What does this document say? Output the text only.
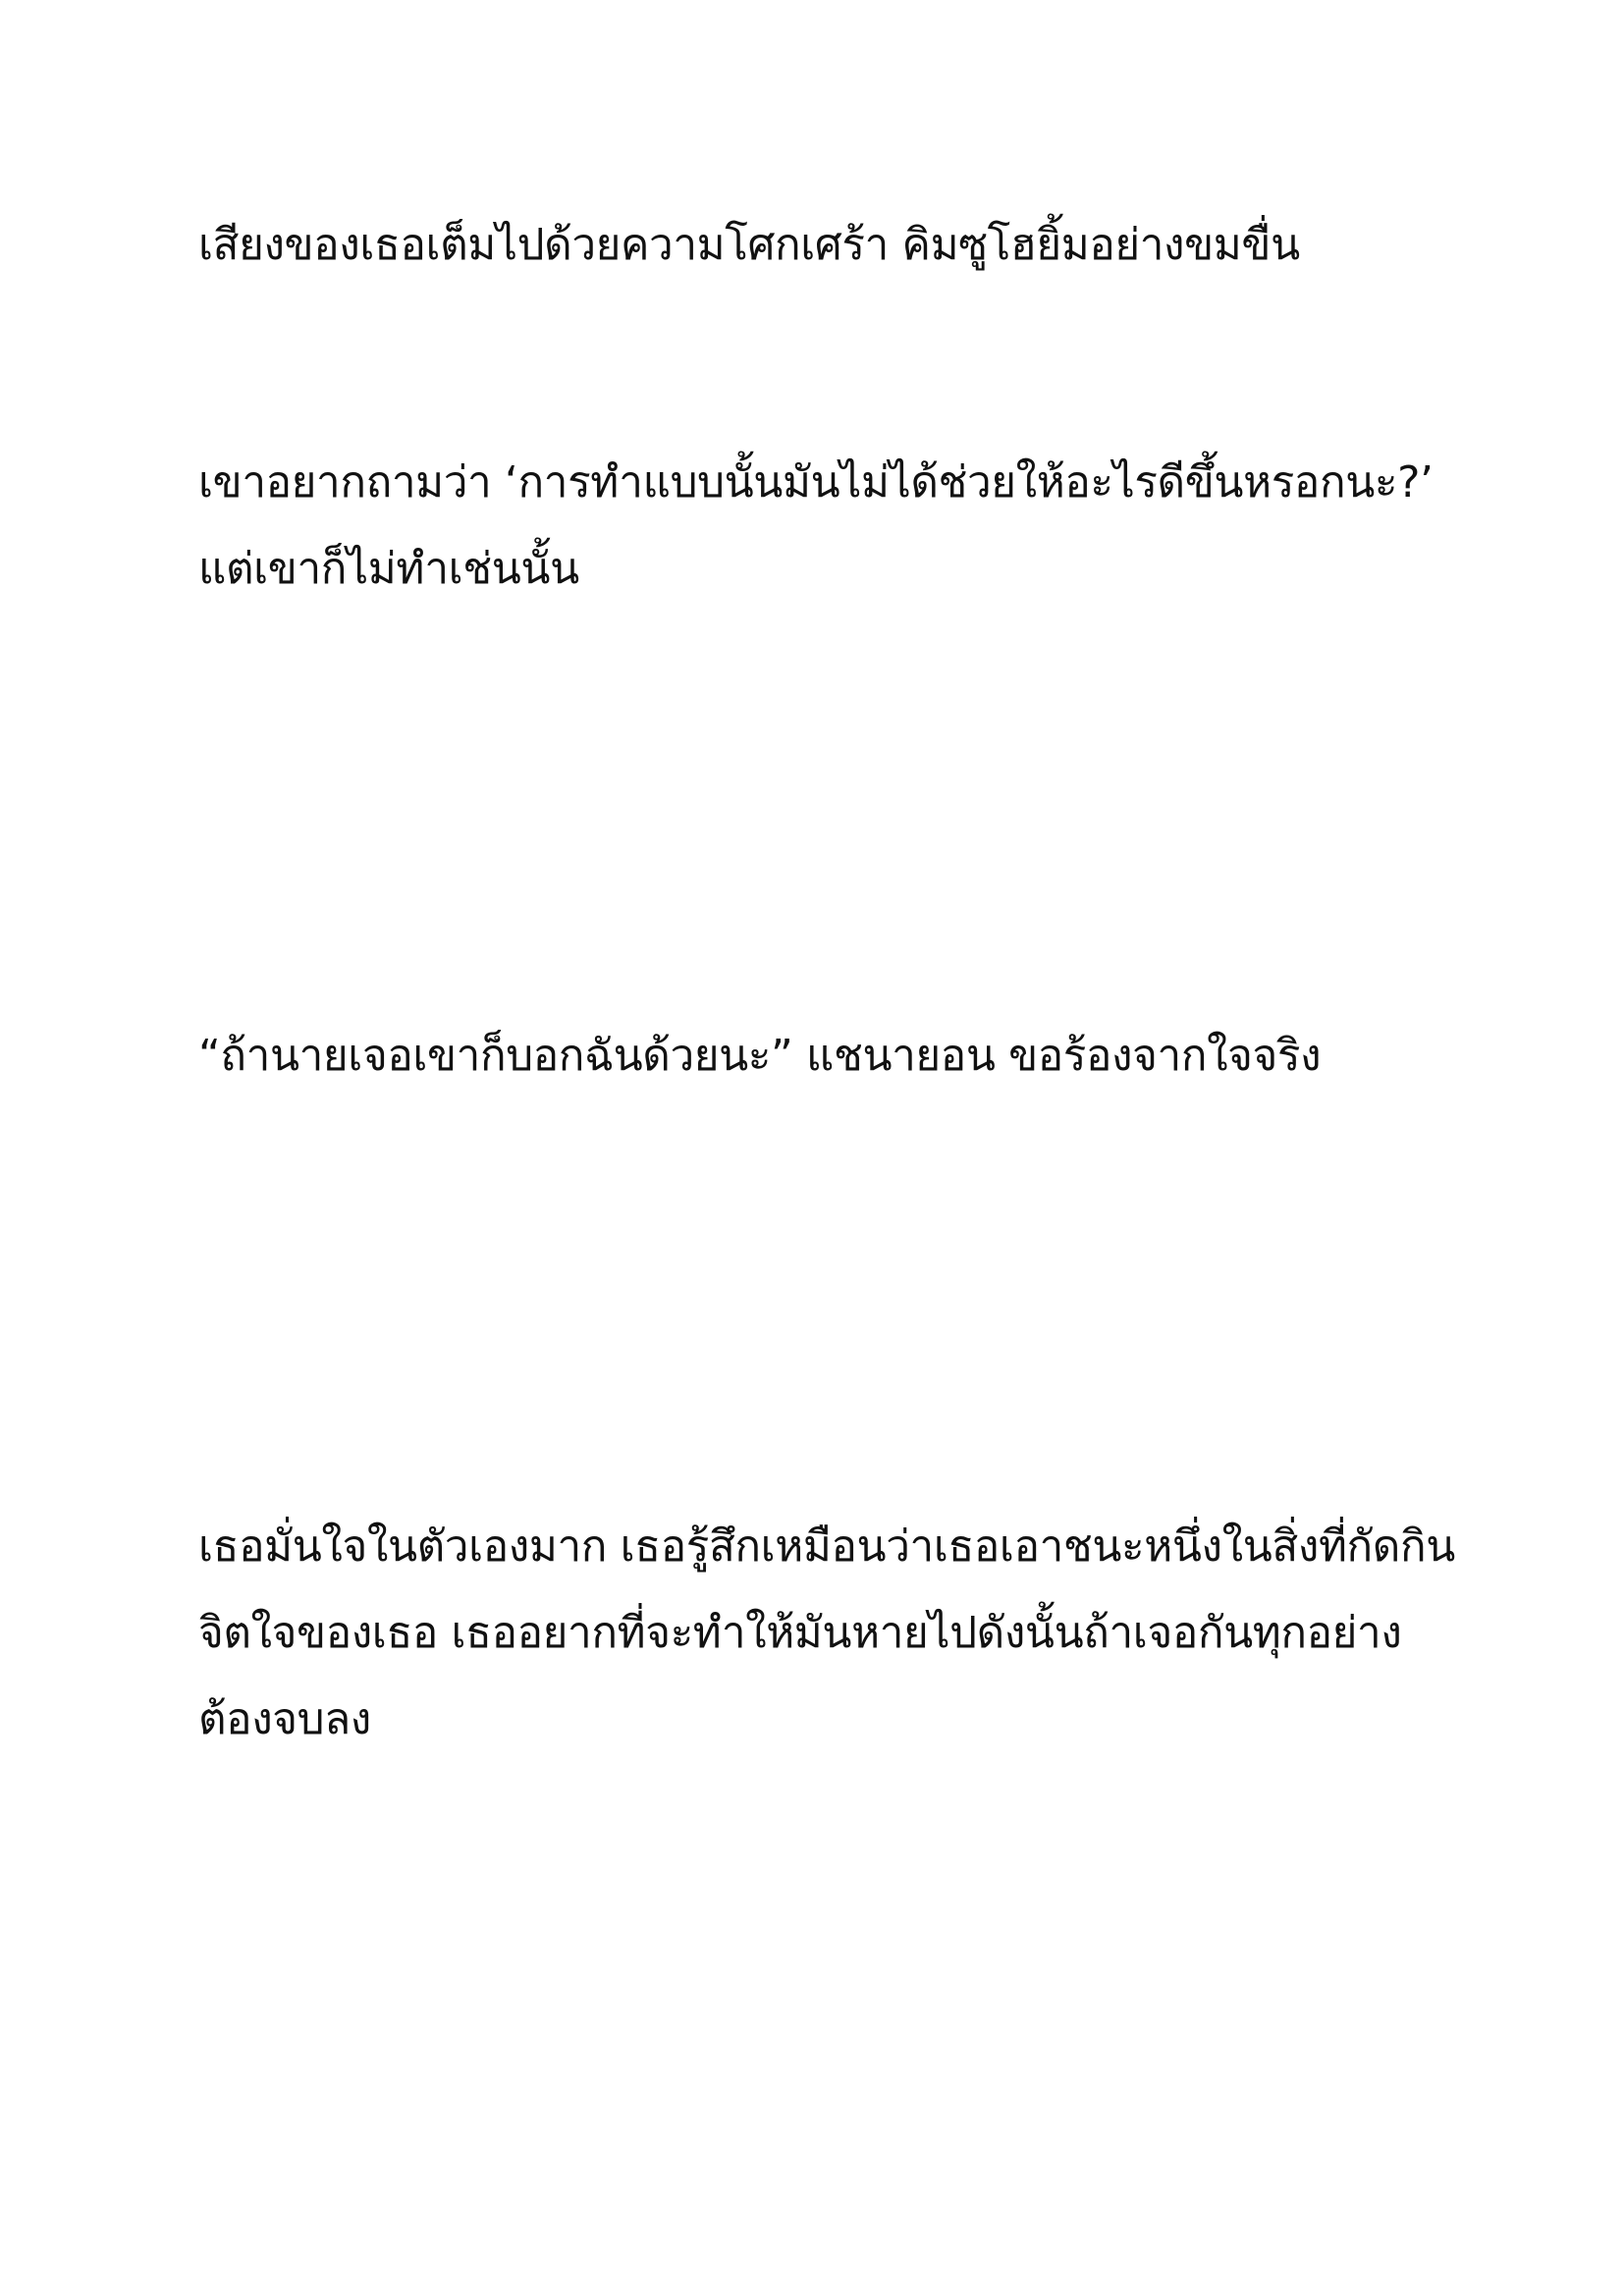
เสียงของเธอเต็มไปด้วยความโศกเศร้า คิมซูโฮยิ้มอย่างขมขื่น
เขาอยากถามว่า ‘การทำแบบนั้นมันไม่ได้ช่วยให้อะไรดีขึ้นหรอกนะ?’
แต่เขาก็ไม่ทำเช่นนั้น
“ถ้านายเจอเขาก็บอกฉันด้วยนะ” แชนายอน ขอร้องจากใจจริง
เธอมั่นใจในตัวเองมาก เธอรู้สึกเหมือนว่าเธอเอาชนะหนึ่งในสิ่งที่กัดกิน
จิตใจของเธอ เธออยากที่จะทำให้มันหายไปดังนั้นถ้าเจอกันทุกอย่าง
ต้องจบลง
